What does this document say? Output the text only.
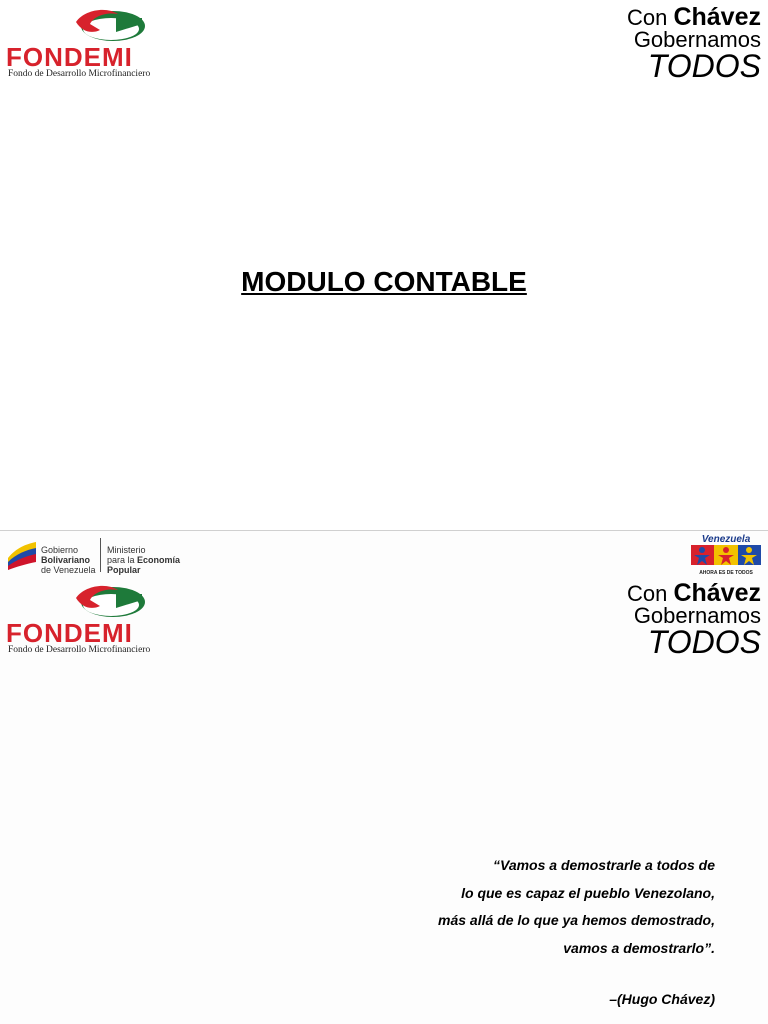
FONDEMI
Fondo de Desarrollo Microfinanciero
Con Chávez
Gobernamos
TODOS
MODULO CONTABLE
Gobierno
Bolivariano
de Venezuela
Ministerio
para la Economía
Popular
Venezuela
AHORA ES DE TODOS
FONDEMI
Fondo de Desarrollo Microfinanciero
Con Chávez
Gobernamos
TODOS
“Vamos a demostrarle a todos de
lo que es capaz el pueblo Venezolano,
más allá de lo que ya hemos demostrado,
vamos a demostrarlo”.
–(Hugo Chávez)
